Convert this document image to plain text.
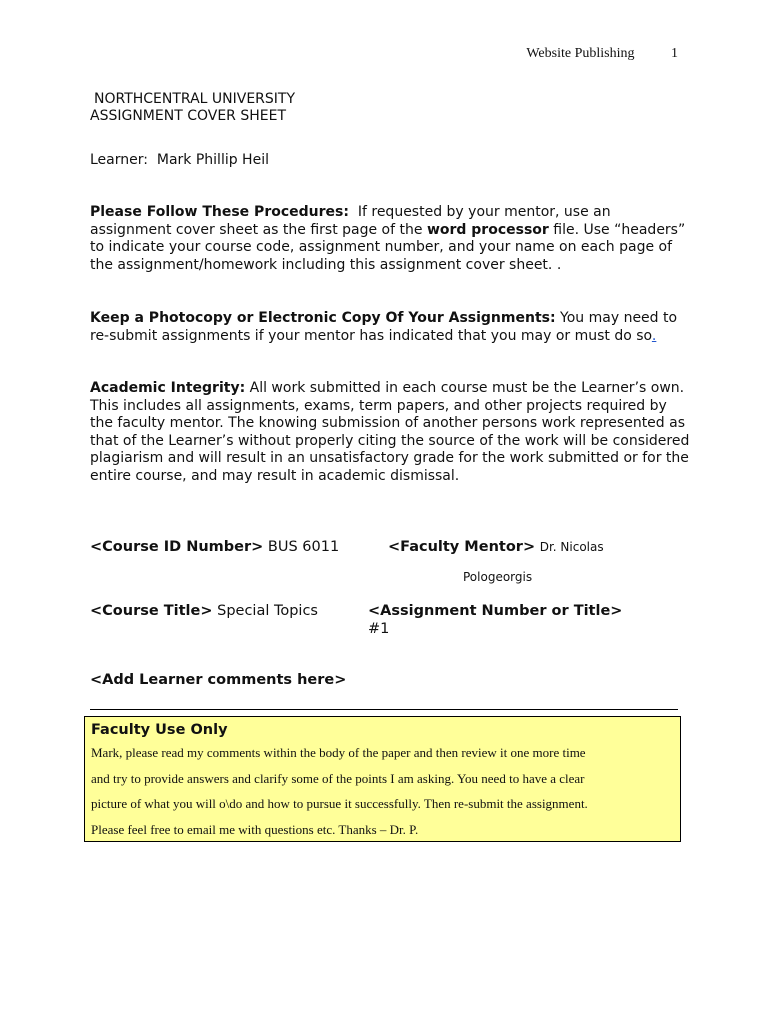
Website Publishing	1
NORTHCENTRAL UNIVERSITY
ASSIGNMENT COVER SHEET
Learner: Mark Phillip Heil
Please Follow These Procedures: If requested by your mentor, use an assignment cover sheet as the first page of the word processor file. Use “headers” to indicate your course code, assignment number, and your name on each page of the assignment/homework including this assignment cover sheet. .
Keep a Photocopy or Electronic Copy Of Your Assignments: You may need to re-submit assignments if your mentor has indicated that you may or must do so.
Academic Integrity: All work submitted in each course must be the Learner’s own. This includes all assignments, exams, term papers, and other projects required by the faculty mentor. The knowing submission of another persons work represented as that of the Learner’s without properly citing the source of the work will be considered plagiarism and will result in an unsatisfactory grade for the work submitted or for the entire course, and may result in academic dismissal.
<Course ID Number> BUS 6011	<Faculty Mentor> Dr. Nicolas
Pologeorgis
<Course Title> Special Topics	<Assignment Number or Title>
#1
<Add Learner comments here>
Faculty Use Only
Mark, please read my comments within the body of the paper and then review it one more time
and try to provide answers and clarify some of the points I am asking. You need to have a clear
picture of what you will o\do and how to pursue it successfully. Then re-submit the assignment.
Please feel free to email me with questions etc. Thanks – Dr. P.
